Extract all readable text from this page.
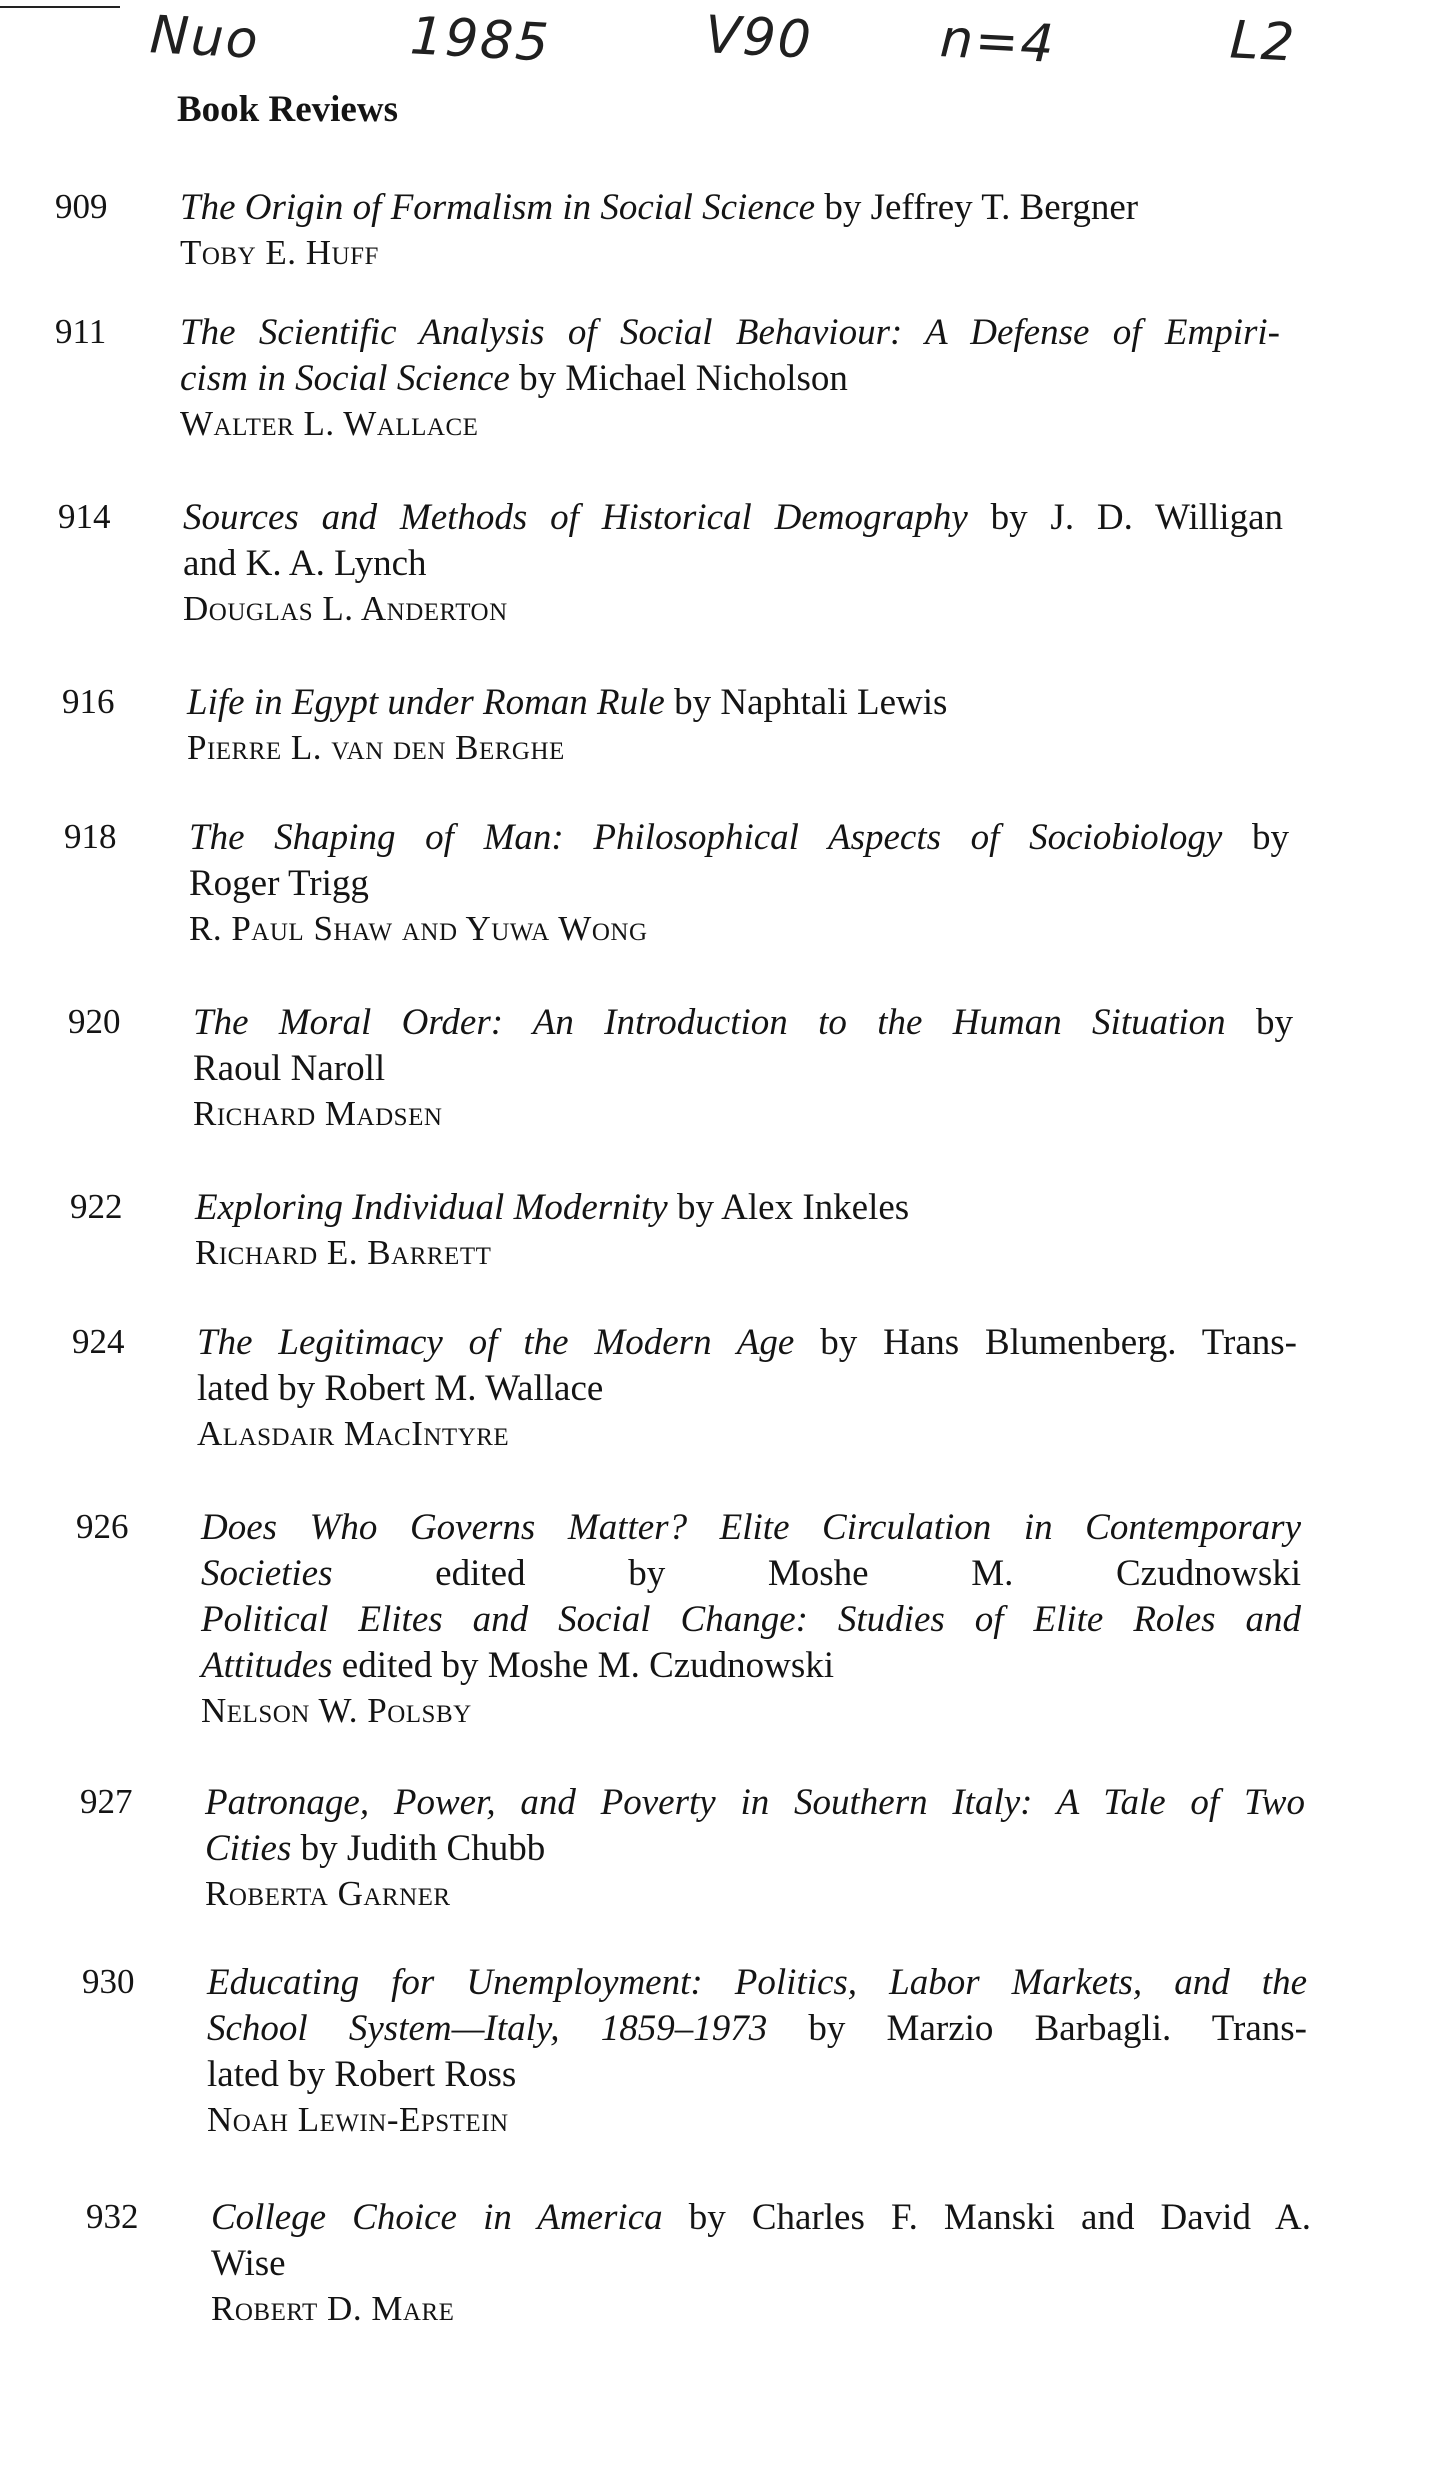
Nuo	1985	V90 n=4	L2
Book Reviews
909 The Origin of Formalism in Social Science by Jeffrey T. Bergner
Toby E. Huff
911 The Scientific Analysis of Social Behaviour: A Defense of Empiri-
cism in Social Science by Michael Nicholson
Walter L. Wallace
914 Sources and Methods of Historical Demography by J. D. Willigan
and K. A. Lynch
Douglas L. Anderton
916 Life in Egypt under Roman Rule by Naphtali Lewis
Pierre L. van den Berghe
918 The Shaping of Man: Philosophical Aspects of Sociobiology by
Roger Trigg
R. Paul Shaw and Yuwa Wong
920 The Moral Order: An Introduction to the Human Situation by
Raoul Naroll
Richard Madsen
922 Exploring Individual Modernity by Alex Inkeles
Richard E. Barrett
924 The Legitimacy of the Modern Age by Hans Blumenberg. Trans-
lated by Robert M. Wallace
Alasdair MacIntyre
926 Does Who Governs Matter? Elite Circulation in Contemporary
Societies edited by Moshe M. Czudnowski
Political Elites and Social Change: Studies of Elite Roles and
Attitudes edited by Moshe M. Czudnowski
Nelson W. Polsby
927 Patronage, Power, and Poverty in Southern Italy: A Tale of Two
Cities by Judith Chubb
Roberta Garner
930 Educating for Unemployment: Politics, Labor Markets, and the
School System—Italy, 1859–1973 by Marzio Barbagli. Trans-
lated by Robert Ross
Noah Lewin-Epstein
932 College Choice in America by Charles F. Manski and David A.
Wise
Robert D. Mare
